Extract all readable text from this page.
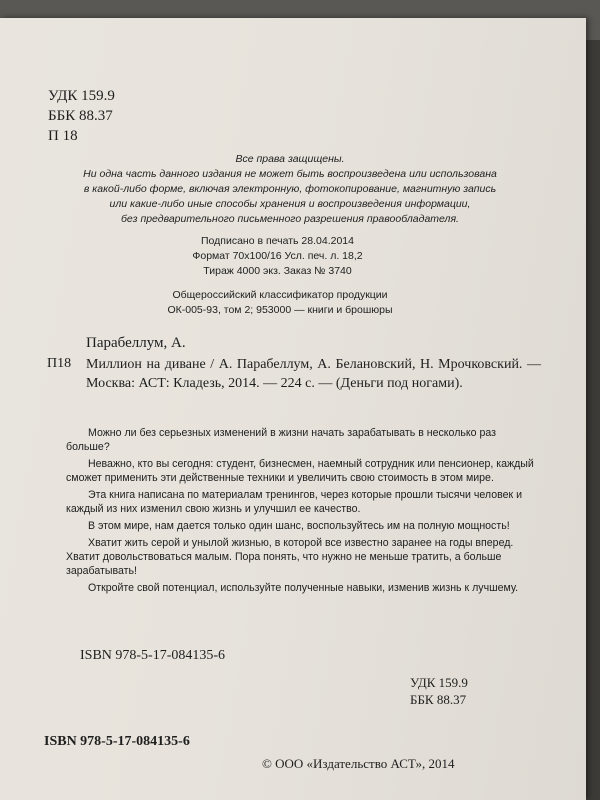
УДК 159.9
ББК 88.37
П 18
Все права защищены.
Ни одна часть данного издания не может быть воспроизведена или использована
в какой-либо форме, включая электронную, фотокопирование, магнитную запись
или какие-либо иные способы хранения и воспроизведения информации,
без предварительного письменного разрешения правообладателя.
Подписано в печать 28.04.2014
Формат 70x100/16 Усл. печ. л. 18,2
Тираж 4000 экз. Заказ № 3740
Общероссийский классификатор продукции
ОК-005-93, том 2; 953000 — книги и брошюры
Парабеллум, А.
П18 Миллион на диване / А. Парабеллум, А. Белановский, Н. Мрочковский. — Москва: АСТ: Кладезь, 2014. — 224 с. — (Деньги под ногами).

Можно ли без серьезных изменений в жизни начать зарабатывать в несколько раз больше?

Неважно, кто вы сегодня: студент, бизнесмен, наемный сотрудник или пенсионер, каждый сможет применить эти действенные техники и увеличить свою стоимость в этом мире.

Эта книга написана по материалам тренингов, через которые прошли тысячи человек и каждый из них изменил свою жизнь и улучшил ее качество.

В этом мире, нам дается только один шанс, воспользуйтесь им на полную мощность!

Хватит жить серой и унылой жизнью, в которой все известно заранее на годы вперед. Хватит довольствоваться малым. Пора понять, что нужно не меньше тратить, а больше зарабатывать!

Откройте свой потенциал, используйте полученные навыки, изменив жизнь к лучшему.

ISBN 978-5-17-084135-6
УДК 159.9
ББК 88.37
ISBN 978-5-17-084135-6
© ООО «Издательство АСТ», 2014
